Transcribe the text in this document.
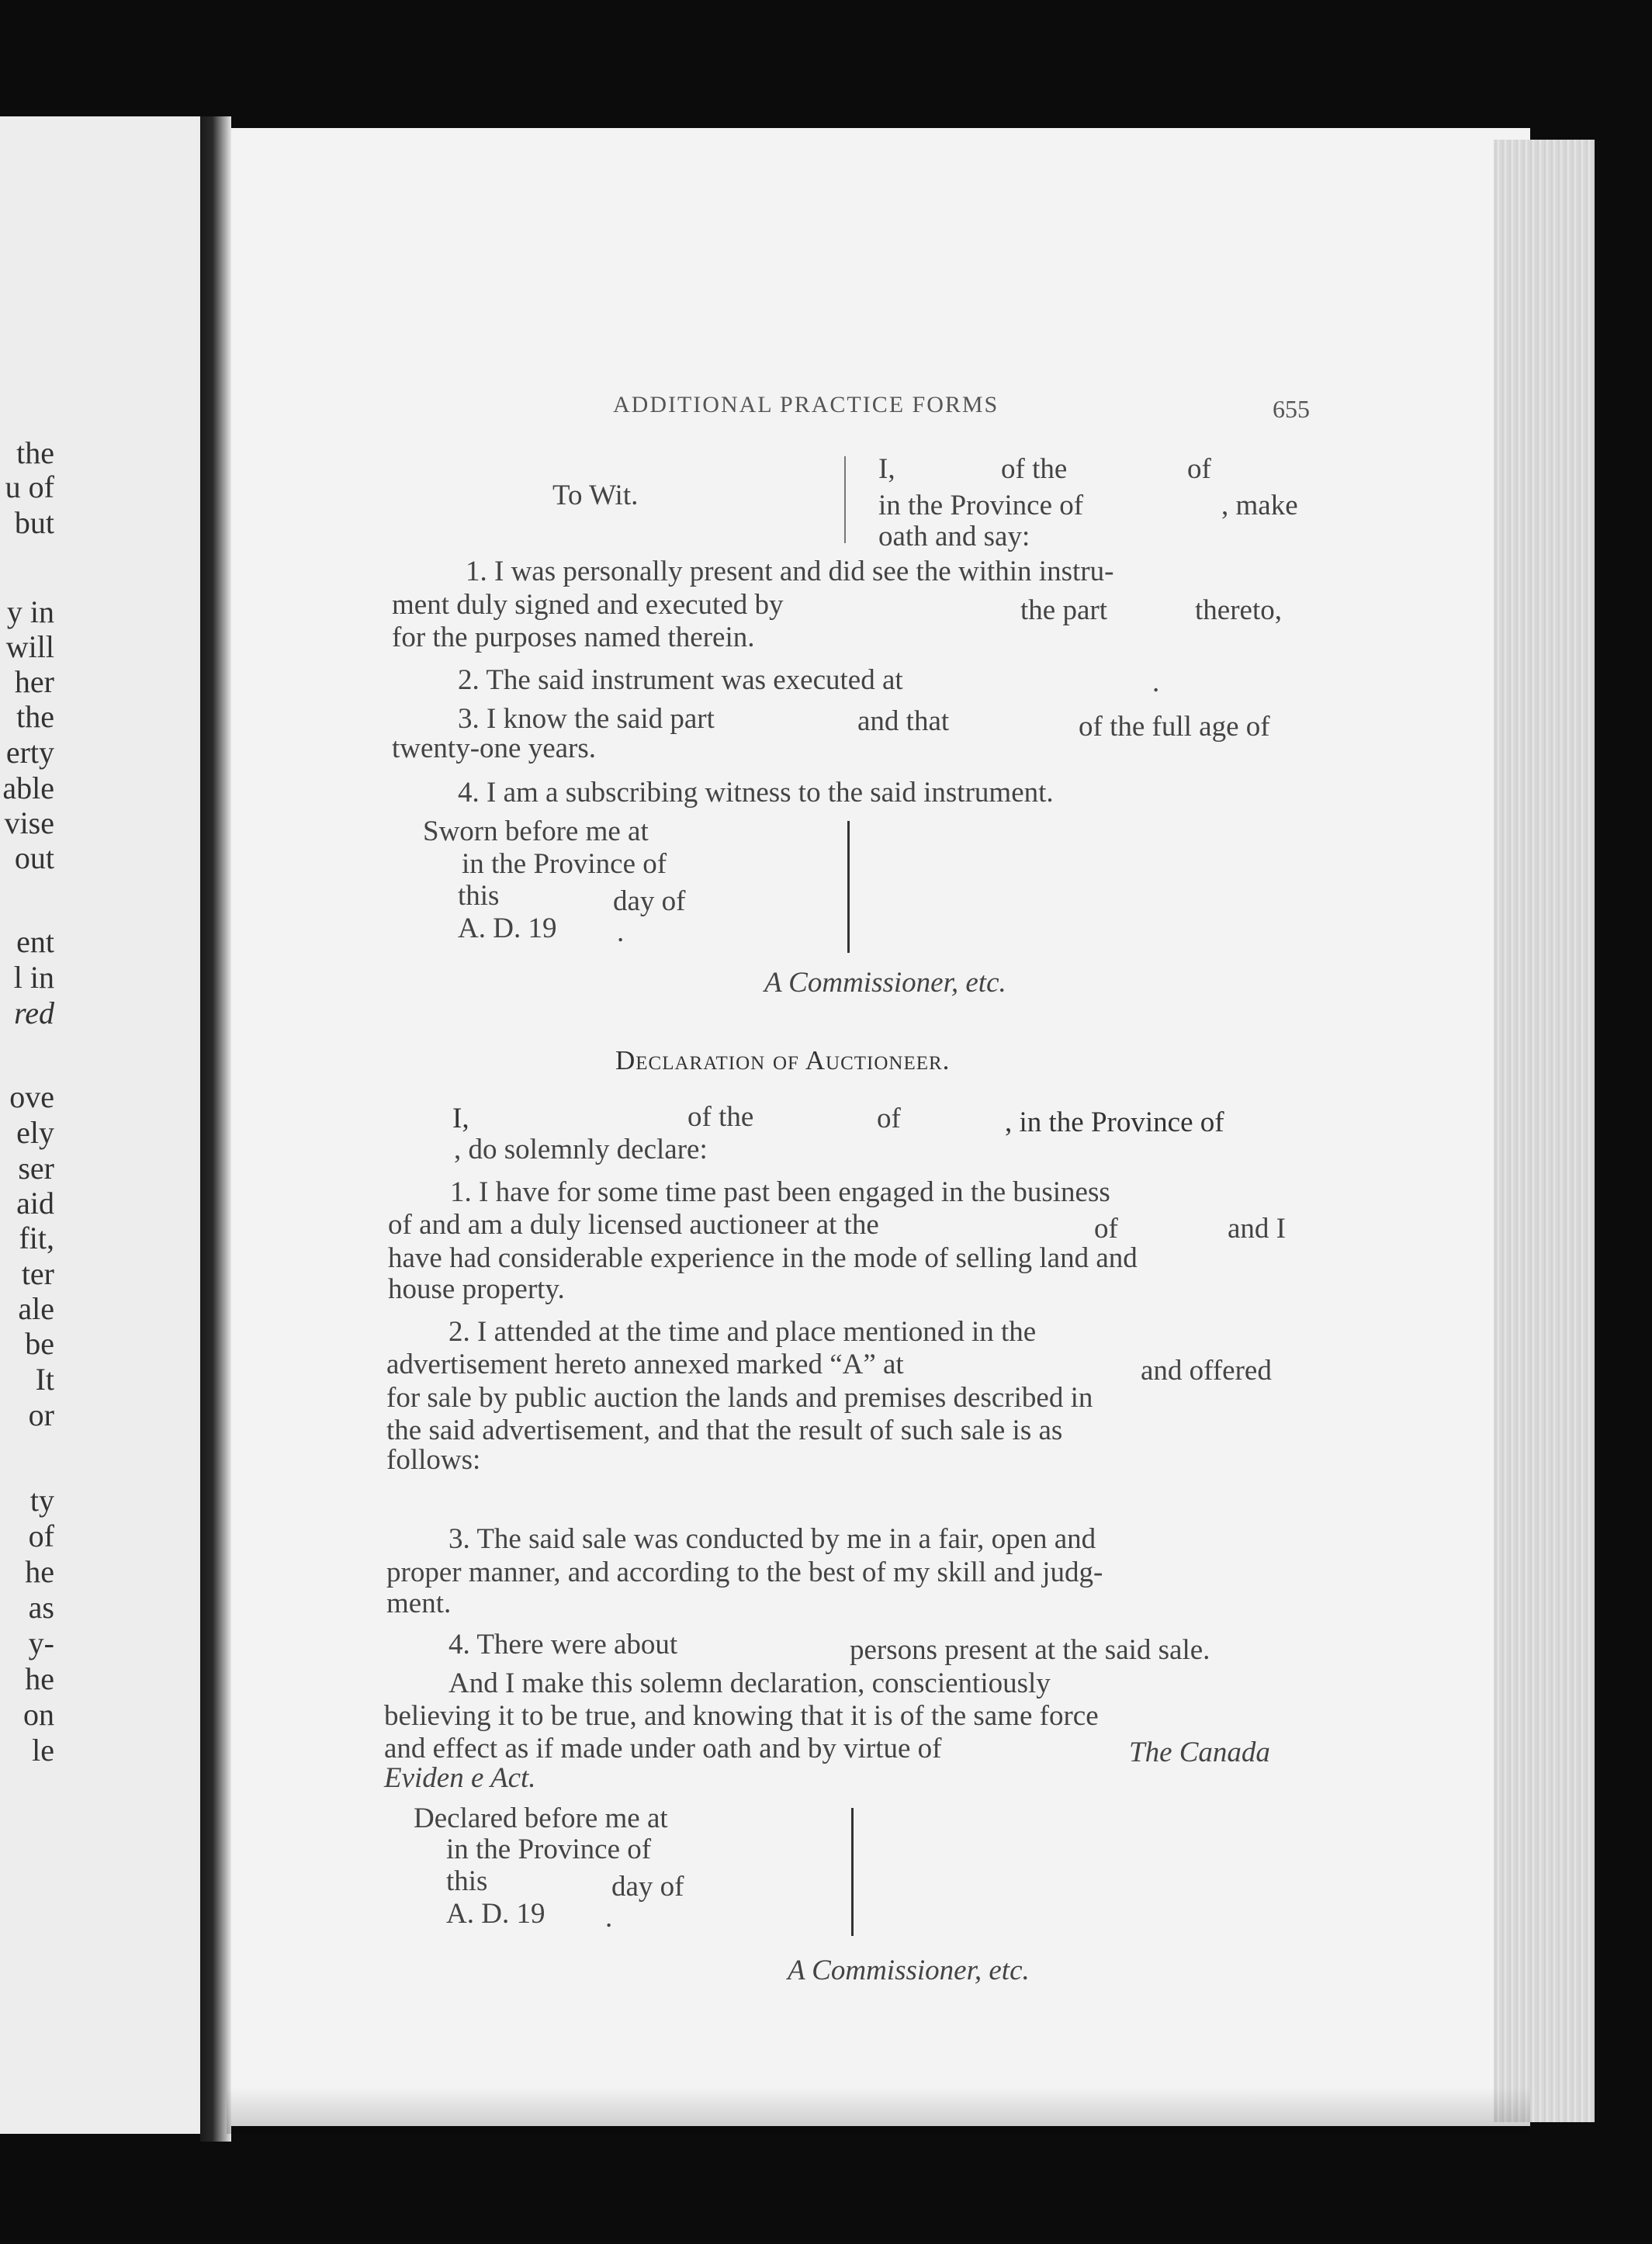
the
u of
but
y in
will
her
the
erty
able
vise
out
ent
l in
red
ove
ely
ser
aid
fit,
ter
ale
be
It
or
ty
of
he
as
y-
he
on
le
ADDITIONAL PRACTICE FORMS	655
To Wit.
I,	of the	of
in the Province of	, make
oath and say:
1. I was personally present and did see the within instru-
ment duly signed and executed by	the part	thereto,
for the purposes named therein.
2. The said instrument was executed at	.
3. I know the said part	and that	of the full age of
twenty-one years.
4. I am a subscribing witness to the said instrument.
Sworn before me at
in the Province of
this	day of
A. D. 19 .
A Commissioner, etc.
Declaration of Auctioneer.
I,	of the	of	, in the Province of
, do solemnly declare:
1. I have for some time past been engaged in the business
of and am a duly licensed auctioneer at the	of	and I
have had considerable experience in the mode of selling land and
house property.
2. I attended at the time and place mentioned in the
advertisement hereto annexed marked “A” at	and offered
for sale by public auction the lands and premises described in
the said advertisement, and that the result of such sale is as
follows:
3. The said sale was conducted by me in a fair, open and
proper manner, and according to the best of my skill and judg-
ment.
4. There were about	persons present at the said sale.
And I make this solemn declaration, conscientiously
believing it to be true, and knowing that it is of the same force
and effect as if made under oath and by virtue of	The Canada
Eviden e Act.
Declared before me at
in the Province of
this	day of
A. D. 19 .
A Commissioner, etc.
